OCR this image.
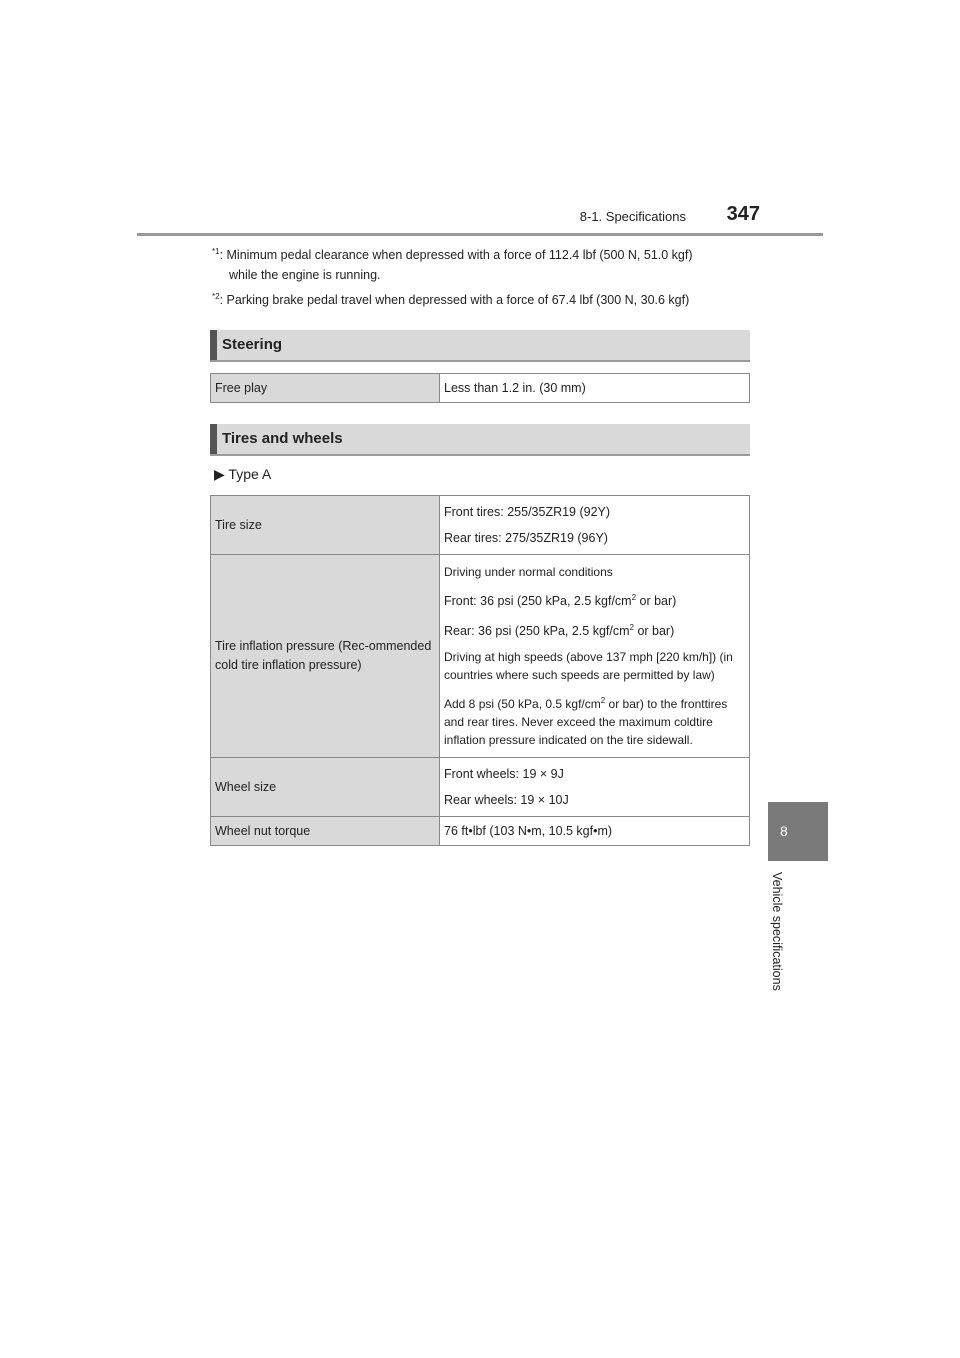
8-1. Specifications	347
$^{*1}$: Minimum pedal clearance when depressed with a force of 112.4 lbf (500 N, 51.0 kgf)
while the engine is running.
$^{*2}$: Parking brake pedal travel when depressed with a force of 67.4 lbf (300 N, 30.6 kgf)
Steering
Free play	Less than 1.2 in. (30 mm)
Tires and wheels
▶ Type A
Tire size	Front tires: 255/35ZR19 (92Y)

Rear tires: 275/35ZR19 (96Y)

Tire inflation pressure (Rec-ommended cold tire inflation pressure)	Driving under normal conditions

Front: 36 psi (250 kPa, 2.5 kgf/$cm^2$ or bar)

Rear: 36 psi (250 kPa, 2.5 kgf/$cm^2$ or bar)

Driving at high speeds (above 137 mph [220 km/h]) (in countries where such speeds are permitted by law)

Add 8 psi (50 kPa, 0.5 kgf/$cm^2$ or bar) to the fronttires and rear tires. Never exceed the maximum coldtire inflation pressure indicated on the tire sidewall.

Wheel size	Front wheels: 19 × 9J

Rear wheels: 19 × 10J

Wheel nut torque	76 ft•lbf (103 N•m, 10.5 kgf•m)	8
Vehicle specifications
